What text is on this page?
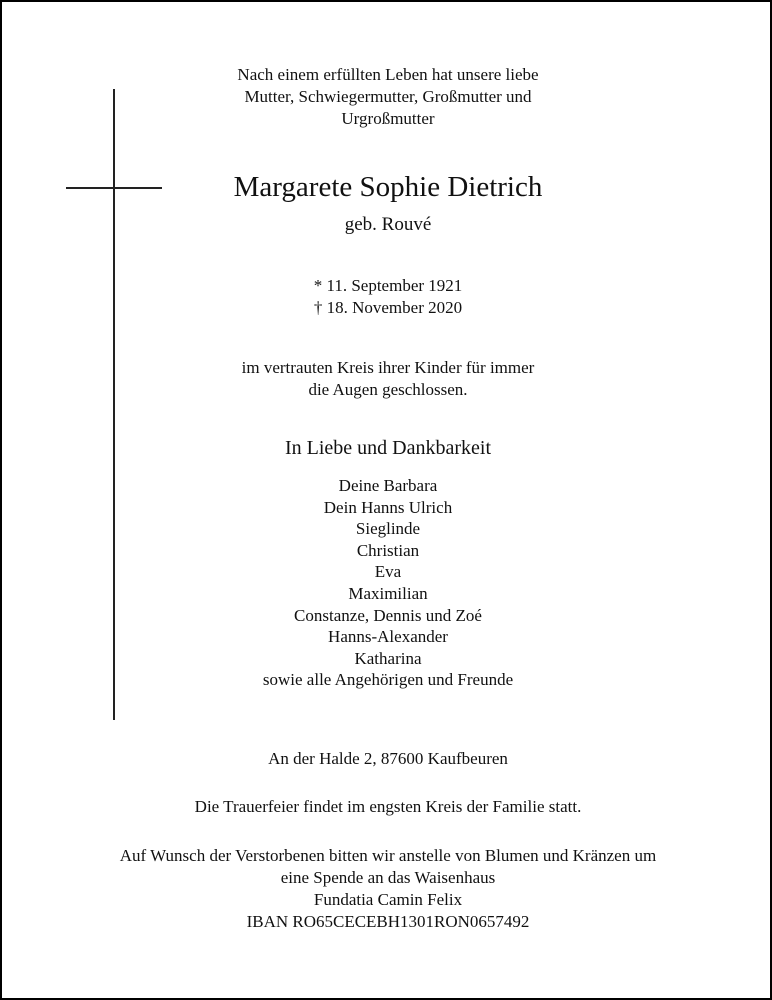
Nach einem erfüllten Leben hat unsere liebe
Mutter, Schwiegermutter, Großmutter und
Urgroßmutter
Margarete Sophie Dietrich
geb. Rouvé
* 11. September 1921
† 18. November 2020
im vertrauten Kreis ihrer Kinder für immer
die Augen geschlossen.
In Liebe und Dankbarkeit
Deine Barbara
Dein Hanns Ulrich
Sieglinde
Christian
Eva
Maximilian
Constanze, Dennis und Zoé
Hanns-Alexander
Katharina
sowie alle Angehörigen und Freunde
An der Halde 2, 87600 Kaufbeuren
Die Trauerfeier findet im engsten Kreis der Familie statt.
Auf Wunsch der Verstorbenen bitten wir anstelle von Blumen und Kränzen um
eine Spende an das Waisenhaus
Fundatia Camin Felix
IBAN RO65CECEBH1301RON0657492
